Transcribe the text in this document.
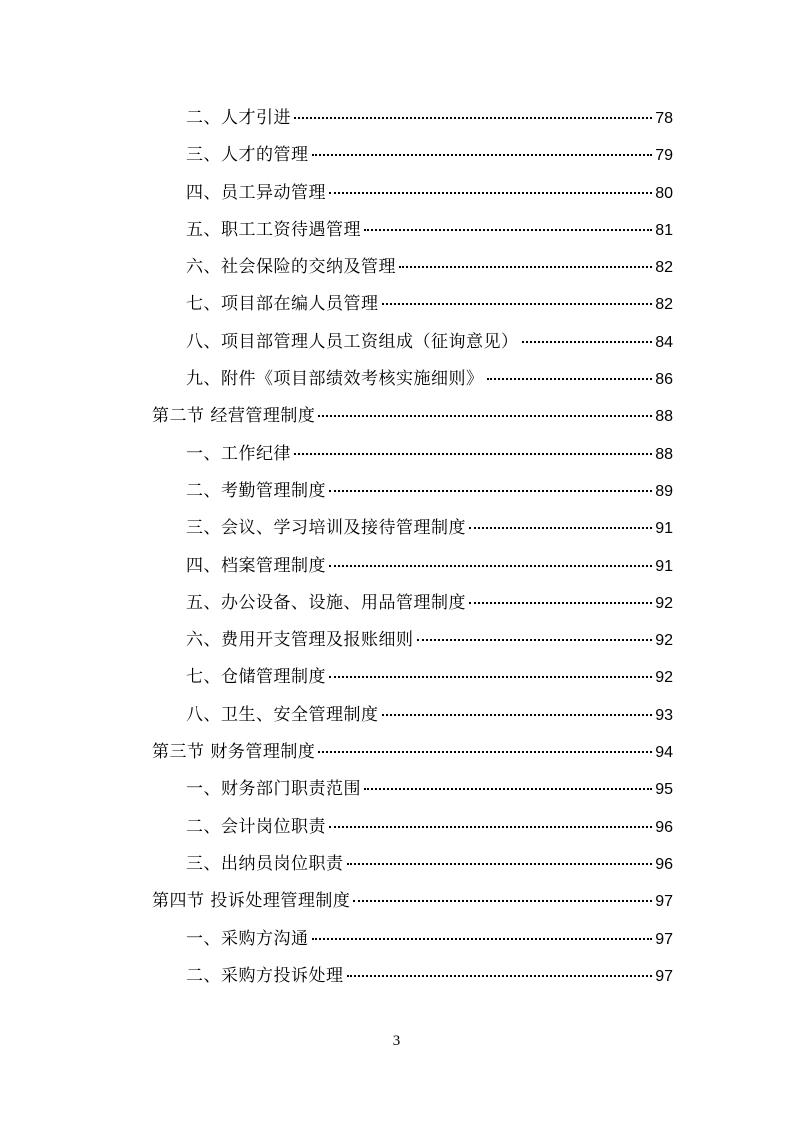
二、人才引进	78
三、人才的管理	79
四、员工异动管理	80
五、职工工资待遇管理	81
六、社会保险的交纳及管理	82
七、项目部在编人员管理	82
八、项目部管理人员工资组成（征询意见）	84
九、附件《项目部绩效考核实施细则》	86
第二节 经营管理制度	88
一、工作纪律	88
二、考勤管理制度	89
三、会议、学习培训及接待管理制度	91
四、档案管理制度	91
五、办公设备、设施、用品管理制度	92
六、费用开支管理及报账细则	92
七、仓储管理制度	92
八、卫生、安全管理制度	93
第三节 财务管理制度	94
一、财务部门职责范围	95
二、会计岗位职责	96
三、出纳员岗位职责	96
第四节 投诉处理管理制度	97
一、采购方沟通	97
二、采购方投诉处理	97
3
